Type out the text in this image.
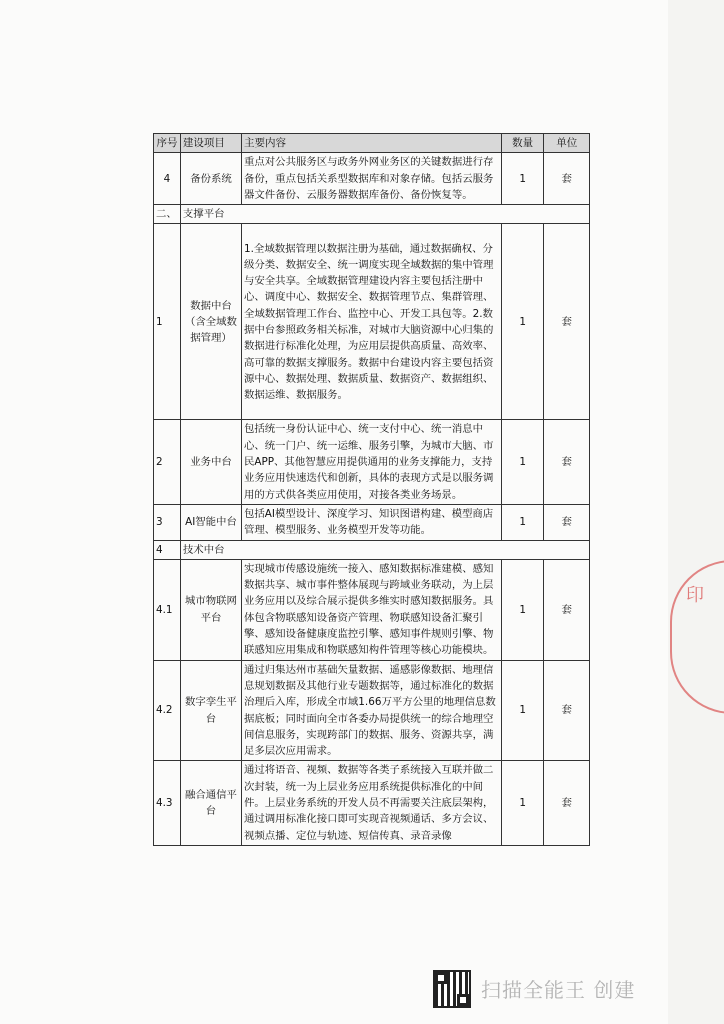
序号	建设项目	主要内容	数量	单位
4	备份系统	重点对公共服务区与政务外网业务区的关键数据进行存备份，重点包括关系型数据库和对象存储。包括云服务器文件备份、云服务器数据库备份、备份恢复等。	1	套
二、	支撑平台			
1	数据中台（含全域数据管理）	1.全域数据管理以数据注册为基础，通过数据确权、分级分类、数据安全、统一调度实现全域数据的集中管理与安全共享。全域数据管理建设内容主要包括注册中心、调度中心、数据安全、数据管理节点、集群管理、全域数据管理工作台、监控中心、开发工具包等。2.数据中台参照政务相关标准，对城市大脑资源中心归集的数据进行标准化处理，为应用层提供高质量、高效率、高可靠的数据支撑服务。数据中台建设内容主要包括资源中心、数据处理、数据质量、数据资产、数据组织、数据运维、数据服务。	1	套
2	业务中台	包括统一身份认证中心、统一支付中心、统一消息中心、统一门户、统一运维、服务引擎，为城市大脑、市民APP、其他智慧应用提供通用的业务支撑能力，支持业务应用快速迭代和创新，具体的表现方式是以服务调用的方式供各类应用使用，对接各类业务场景。	1	套
3	AI智能中台	包括AI模型设计、深度学习、知识图谱构建、模型商店管理、模型服务、业务模型开发等功能。	1	套
4	技术中台			
4.1	城市物联网平台	实现城市传感设施统一接入、感知数据标准建模、感知数据共享、城市事件整体展现与跨域业务联动，为上层业务应用以及综合展示提供多维实时感知数据服务。具体包含物联感知设备资产管理、物联感知设备汇聚引擎、感知设备健康度监控引擎、感知事件规则引擎、物联感知应用集成和物联感知构件管理等核心功能模块。	1	套
4.2	数字孪生平台	通过归集达州市基础矢量数据、遥感影像数据、地理信息规划数据及其他行业专题数据等，通过标准化的数据治理后入库，形成全市域1.66万平方公里的地理信息数据底板；同时面向全市各委办局提供统一的综合地理空间信息服务，实现跨部门的数据、服务、资源共享，满足多层次应用需求。	1	套
4.3	融合通信平台	通过将语音、视频、数据等各类子系统接入互联并做二次封装，统一为上层业务应用系统提供标准化的中间件。上层业务系统的开发人员不再需要关注底层架构，通过调用标准化接口即可实现音视频通话、多方会议、视频点播、定位与轨迹、短信传真、录音录像	1	套
印
扫描全能王 创建
